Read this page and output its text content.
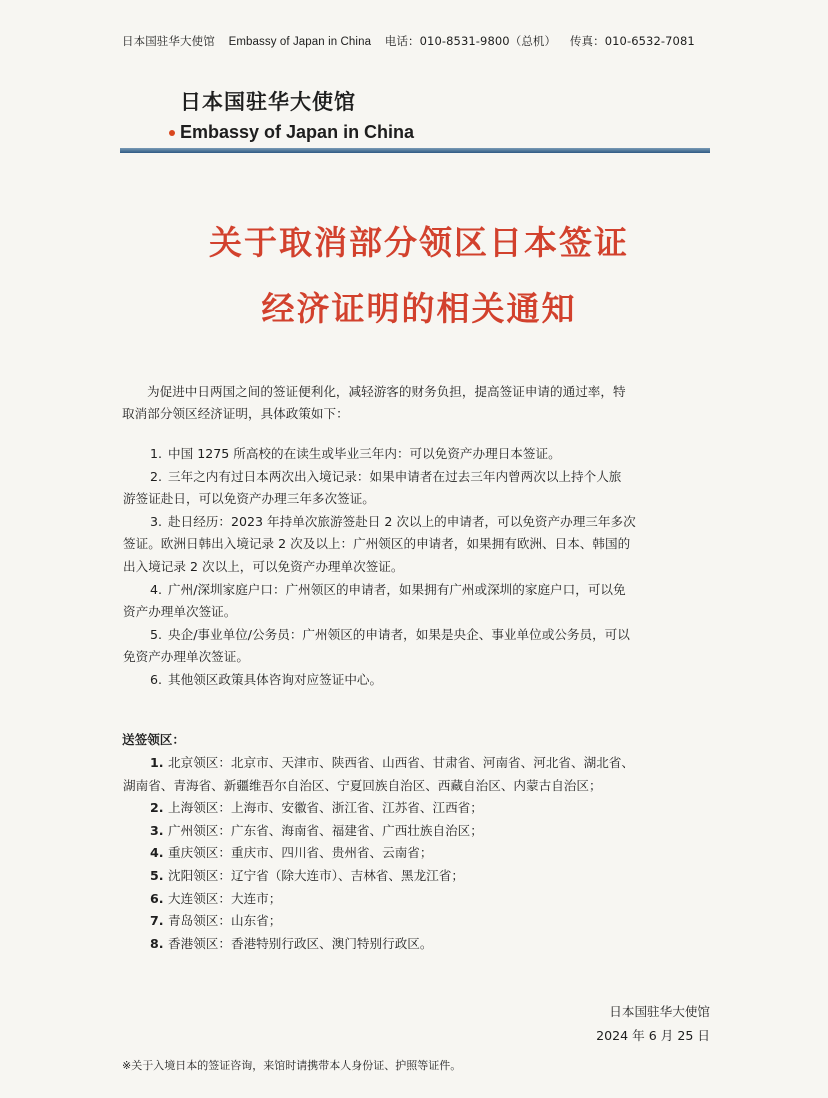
日本国驻华大使馆 Embassy of Japan in China 电话：010-8531-9800（总机） 传真：010-6532-7081
日本国驻华大使馆
Embassy of Japan in China
关于取消部分领区日本签证
经济证明的相关通知
为促进中日两国之间的签证便利化，减轻游客的财务负担，提高签证申请的通过率，特
取消部分领区经济证明，具体政策如下：
1. 中国 1275 所高校的在读生或毕业三年内：可以免资产办理日本签证。
2. 三年之内有过日本两次出入境记录：如果申请者在过去三年内曾两次以上持个人旅
游签证赴日，可以免资产办理三年多次签证。
3. 赴日经历：2023 年持单次旅游签赴日 2 次以上的申请者，可以免资产办理三年多次
签证。欧洲日韩出入境记录 2 次及以上：广州领区的申请者，如果拥有欧洲、日本、韩国的
出入境记录 2 次以上，可以免资产办理单次签证。
4. 广州/深圳家庭户口：广州领区的申请者，如果拥有广州或深圳的家庭户口，可以免
资产办理单次签证。
5. 央企/事业单位/公务员：广州领区的申请者，如果是央企、事业单位或公务员，可以
免资产办理单次签证。
6. 其他领区政策具体咨询对应签证中心。
送签领区：
1. 北京领区：北京市、天津市、陕西省、山西省、甘肃省、河南省、河北省、湖北省、
湖南省、青海省、新疆维吾尔自治区、宁夏回族自治区、西藏自治区、内蒙古自治区；
2. 上海领区：上海市、安徽省、浙江省、江苏省、江西省；
3. 广州领区：广东省、海南省、福建省、广西壮族自治区；
4. 重庆领区：重庆市、四川省、贵州省、云南省；
5. 沈阳领区：辽宁省（除大连市）、吉林省、黑龙江省；
6. 大连领区：大连市；
7. 青岛领区：山东省；
8. 香港领区：香港特别行政区、澳门特别行政区。
日本国驻华大使馆
2024 年 6 月 25 日
※关于入境日本的签证咨询，来馆时请携带本人身份证、护照等证件。
